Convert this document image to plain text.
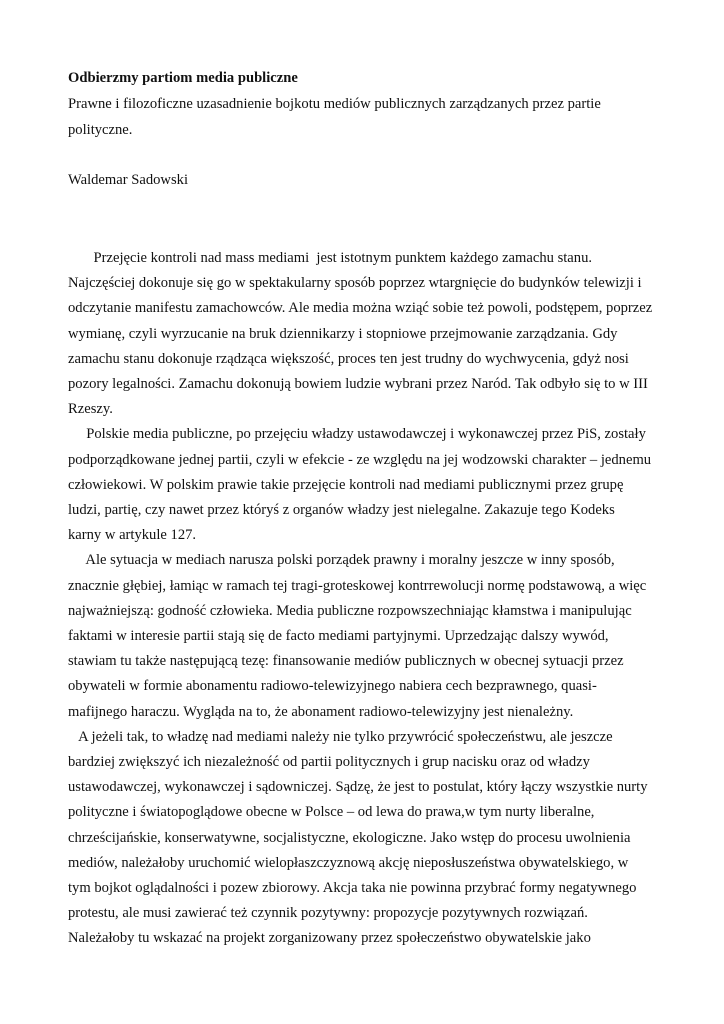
Odbierzmy partiom media publiczne

Prawne i filozoficzne uzasadnienie bojkotu mediów publicznych zarządzanych przez partie
polityczne.

Waldemar Sadowski

Przejęcie kontroli nad mass mediami  jest istotnym punktem każdego zamachu stanu.
Najczęściej dokonuje się go w spektakularny sposób poprzez wtargnięcie do budynków telewizji i
odczytanie manifestu zamachowców. Ale media można wziąć sobie też powoli, podstępem, poprzez
wymianę, czyli wyrzucanie na bruk dziennikarzy i stopniowe przejmowanie zarządzania. Gdy
zamachu stanu dokonuje rządząca większość, proces ten jest trudny do wychwycenia, gdyż nosi
pozory legalności. Zamachu dokonują bowiem ludzie wybrani przez Naród. Tak odbyło się to w III
Rzeszy.

Polskie media publiczne, po przejęciu władzy ustawodawczej i wykonawczej przez PiS, zostały
podporządkowane jednej partii, czyli w efekcie - ze względu na jej wodzowski charakter – jednemu
człowiekowi. W polskim prawie takie przejęcie kontroli nad mediami publicznymi przez grupę
ludzi, partię, czy nawet przez któryś z organów władzy jest nielegalne. Zakazuje tego Kodeks
karny w artykule 127.

Ale sytuacja w mediach narusza polski porządek prawny i moralny jeszcze w inny sposób,
znacznie głębiej, łamiąc w ramach tej tragi-groteskowej kontrrewolucji normę podstawową, a więc
najważniejszą: godność człowieka. Media publiczne rozpowszechniając kłamstwa i manipulując
faktami w interesie partii stają się de facto mediami partyjnymi. Uprzedzając dalszy wywód,
stawiam tu także następującą tezę: finansowanie mediów publicznych w obecnej sytuacji przez
obywateli w formie abonamentu radiowo-telewizyjnego nabiera cech bezprawnego, quasi-
mafijnego haraczu. Wygląda na to, że abonament radiowo-telewizyjny jest nienależny.

A jeżeli tak, to władzę nad mediami należy nie tylko przywrócić społeczeństwu, ale jeszcze
bardziej zwiększyć ich niezależność od partii politycznych i grup nacisku oraz od władzy
ustawodawczej, wykonawczej i sądowniczej. Sądzę, że jest to postulat, który łączy wszystkie nurty
polityczne i światopoglądowe obecne w Polsce – od lewa do prawa,w tym nurty liberalne,
chrześcijańskie, konserwatywne, socjalistyczne, ekologiczne. Jako wstęp do procesu uwolnienia
mediów, należałoby uruchomić wielopłaszczyznową akcję nieposłuszeństwa obywatelskiego, w
tym bojkot oglądalności i pozew zbiorowy. Akcja taka nie powinna przybrać formy negatywnego
protestu, ale musi zawierać też czynnik pozytywny: propozycje pozytywnych rozwiązań.
Należałoby tu wskazać na projekt zorganizowany przez społeczeństwo obywatelskie jako
